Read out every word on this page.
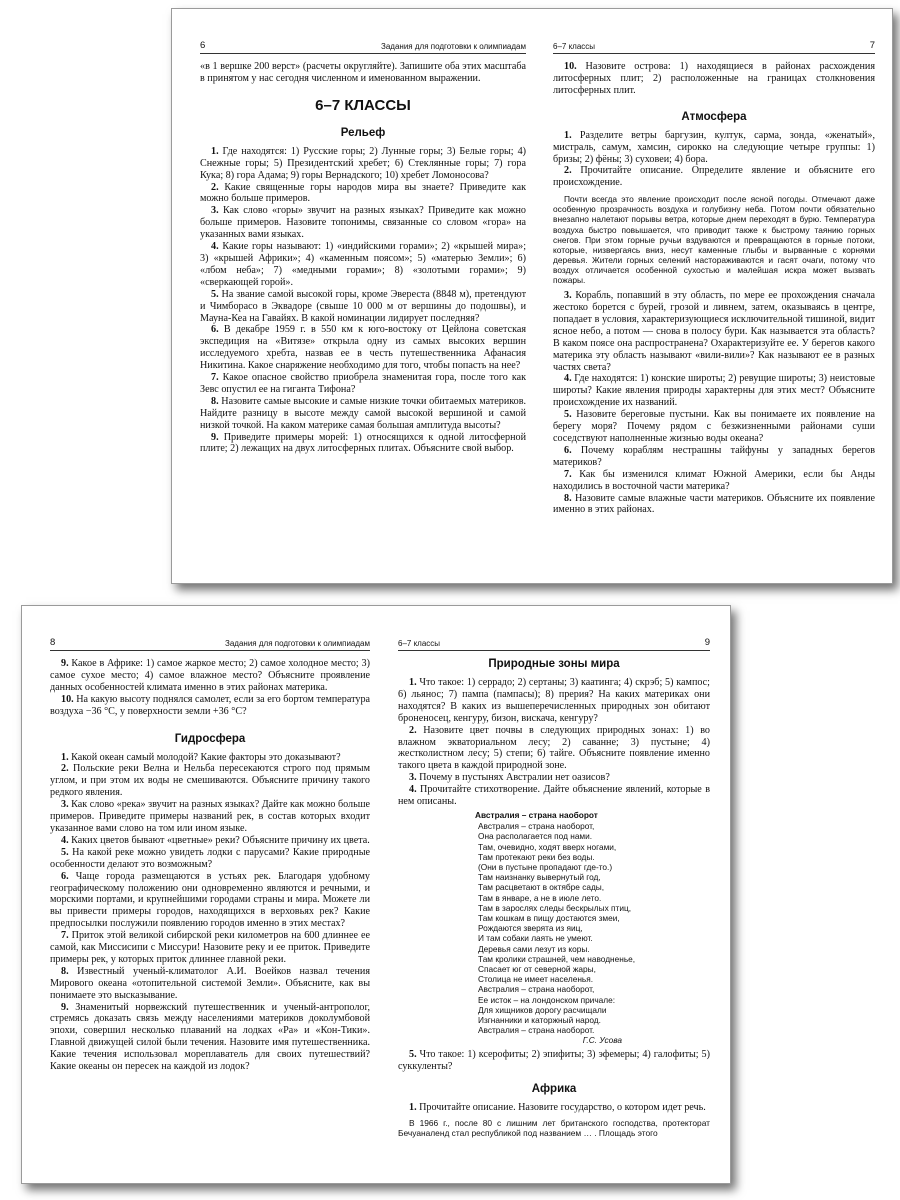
6	Задания для подготовки к олимпиадам

«в 1 вершке 200 верст» (расчеты округляйте). Запишите оба этих масштаба в принятом у нас сегодня численном и именованном выражении.

6–7 КЛАССЫ
Рельеф

1. Где находятся: 1) Русские горы; 2) Лунные горы; 3) Белые горы; 4) Снежные горы; 5) Президентский хребет; 6) Стеклянные горы; 7) гора Кука; 8) гора Адама; 9) горы Вернадского; 10) хребет Ломоносова?

2. Какие священные горы народов мира вы знаете? Приведите как можно больше примеров.

3. Как слово «горы» звучит на разных языках? Приведите как можно больше примеров. Назовите топонимы, связанные со словом «гора» на указанных вами языках.

4. Какие горы называют: 1) «индийскими горами»; 2) «крышей мира»; 3) «крышей Африки»; 4) «каменным поясом»; 5) «матерью Земли»; 6) «лбом неба»; 7) «медными горами»; 8) «золотыми горами»; 9) «сверкающей горой».

5. На звание самой высокой горы, кроме Эвереста (8848 м), претендуют и Чимборасо в Эквадоре (свыше 10 000 м от вершины до подошвы), и Мауна-Кеа на Гавайях. В какой номинации лидирует последняя?

6. В декабре 1959 г. в 550 км к юго-востоку от Цейлона советская экспедиция на «Витязе» открыла одну из самых высоких вершин исследуемого хребта, назвав ее в честь путешественника Афанасия Никитина. Какое снаряжение необходимо для того, чтобы попасть на нее?

7. Какое опасное свойство приобрела знаменитая гора, после того как Зевс опустил ее на гиганта Тифона?

8. Назовите самые высокие и самые низкие точки обитаемых материков. Найдите разницу в высоте между самой высокой вершиной и самой низкой точкой. На каком материке самая большая амплитуда высоты?

9. Приведите примеры морей: 1) относящихся к одной литосферной плите; 2) лежащих на двух литосферных плитах. Объясните свой выбор.

6–7 классы	7

10. Назовите острова: 1) находящиеся в районах расхождения литосферных плит; 2) расположенные на границах столкновения литосферных плит.

Атмосфера

1. Разделите ветры баргузин, култук, сарма, зонда, «женатый», мистраль, самум, хамсин, сирокко на следующие четыре группы: 1) бризы; 2) фёны; 3) суховеи; 4) бора.

2. Прочитайте описание. Определите явление и объясните его происхождение.

Почти всегда это явление происходит после ясной погоды. Отмечают даже особенную прозрачность воздуха и голубизну неба. Потом почти обязательно внезапно налетают порывы ветра, которые днем переходят в бурю. Температура воздуха быстро повышается, что приводит также к быстрому таянию горных снегов. При этом горные ручьи вздуваются и превращаются в горные потоки, которые, низвергаясь вниз, несут каменные глыбы и вырванные с корнями деревья. Жители горных селений настораживаются и гасят очаги, потому что воздух отличается особенной сухостью и малейшая искра может вызвать пожары.

3. Корабль, попавший в эту область, по мере ее прохождения сначала жестоко борется с бурей, грозой и ливнем, затем, оказываясь в центре, попадает в условия, характеризующиеся исключительной тишиной, видит ясное небо, а потом — снова в полосу бури. Как называется эта область? В каком поясе она распространена? Охарактеризуйте ее. У берегов какого материка эту область называют «вили-вили»? Как называют ее в разных частях света?

4. Где находятся: 1) конские широты; 2) ревущие широты; 3) неистовые широты? Какие явления природы характерны для этих мест? Объясните происхождение их названий.

5. Назовите береговые пустыни. Как вы понимаете их появление на берегу моря? Почему рядом с безжизненными районами суши соседствуют наполненные жизнью воды океана?

6. Почему кораблям нестрашны тайфуны у западных берегов материков?

7. Как бы изменился климат Южной Америки, если бы Анды находились в восточной части материка?

8. Назовите самые влажные части материков. Объясните их появление именно в этих районах.

8	Задания для подготовки к олимпиадам

9. Какое в Африке: 1) самое жаркое место; 2) самое холодное место; 3) самое сухое место; 4) самое влажное место? Объясните проявление данных особенностей климата именно в этих районах материка.

10. На какую высоту поднялся самолет, если за его бортом температура воздуха −36 °С, у поверхности земли +36 °С?

Гидросфера

1. Какой океан самый молодой? Какие факторы это доказывают?

2. Польские реки Велна и Нельба пересекаются строго под прямым углом, и при этом их воды не смешиваются. Объясните причину такого редкого явления.

3. Как слово «река» звучит на разных языках? Дайте как можно больше примеров. Приведите примеры названий рек, в состав которых входит указанное вами слово на том или ином языке.

4. Каких цветов бывают «цветные» реки? Объясните причину их цвета.

5. На какой реке можно увидеть лодки с парусами? Какие природные особенности делают это возможным?

6. Чаще города размещаются в устьях рек. Благодаря удобному географическому положению они одновременно являются и речными, и морскими портами, и крупнейшими городами страны и мира. Можете ли вы привести примеры городов, находящихся в верховьях рек? Какие предпосылки послужили появлению городов именно в этих местах?

7. Приток этой великой сибирской реки километров на 600 длиннее ее самой, как Миссисипи с Миссури! Назовите реку и ее приток. Приведите примеры рек, у которых приток длиннее главной реки.

8. Известный ученый-климатолог А.И. Воейков назвал течения Мирового океана «отопительной системой Земли». Объясните, как вы понимаете это высказывание.

9. Знаменитый норвежский путешественник и ученый-антрополог, стремясь доказать связь между населениями материков доколумбовой эпохи, совершил несколько плаваний на лодках «Ра» и «Кон-Тики». Главной движущей силой были течения. Назовите имя путешественника. Какие течения использовал мореплаватель для своих путешествий? Какие океаны он пересек на каждой из лодок?

6–7 классы	9
Природные зоны мира

1. Что такое: 1) серрадо; 2) сертаны; 3) каатинга; 4) скрэб; 5) кампос; 6) льянос; 7) пампа (пампасы); 8) прерия? На каких материках они находятся? В каких из вышеперечисленных природных зон обитают броненосец, кенгуру, бизон, вискача, кенгуру?

2. Назовите цвет почвы в следующих природных зонах: 1) во влажном экваториальном лесу; 2) саванне; 3) пустыне; 4) жестколистном лесу; 5) степи; 6) тайге. Объясните появление именно такого цвета в каждой природной зоне.

3. Почему в пустынях Австралии нет оазисов?

4. Прочитайте стихотворение. Дайте объяснение явлений, которые в нем описаны.

Австралия – страна наоборот
Австралия – страна наоборот,
Она располагается под нами.
Там, очевидно, ходят вверх ногами,
Там протекают реки без воды.
(Они в пустыне пропадают где-то.)
Там наизнанку вывернутый год,
Там расцветают в октябре сады,
Там в январе, а не в июле лето.
Там в зарослях следы бескрылых птиц,
Там кошкам в пищу достаются змеи,
Рождаются зверята из яиц,
И там собаки лаять не умеют.
Деревья сами лезут из коры.
Там кролики страшней, чем наводненье,
Спасает юг от северной жары,
Столица не имеет населенья.
Австралия – страна наоборот,
Ее исток – на лондонском причале:
Для хищников дорогу расчищали
Изгнанники и каторжный народ.
Австралия – страна наоборот.
Г.С. Усова

5. Что такое: 1) ксерофиты; 2) эпифиты; 3) эфемеры; 4) галофиты; 5) суккуленты?

Африка

1. Прочитайте описание. Назовите государство, о котором идет речь.

В 1966 г., после 80 с лишним лет британского господства, протекторат Бечуаналенд стал республикой под названием … . Площадь этого
